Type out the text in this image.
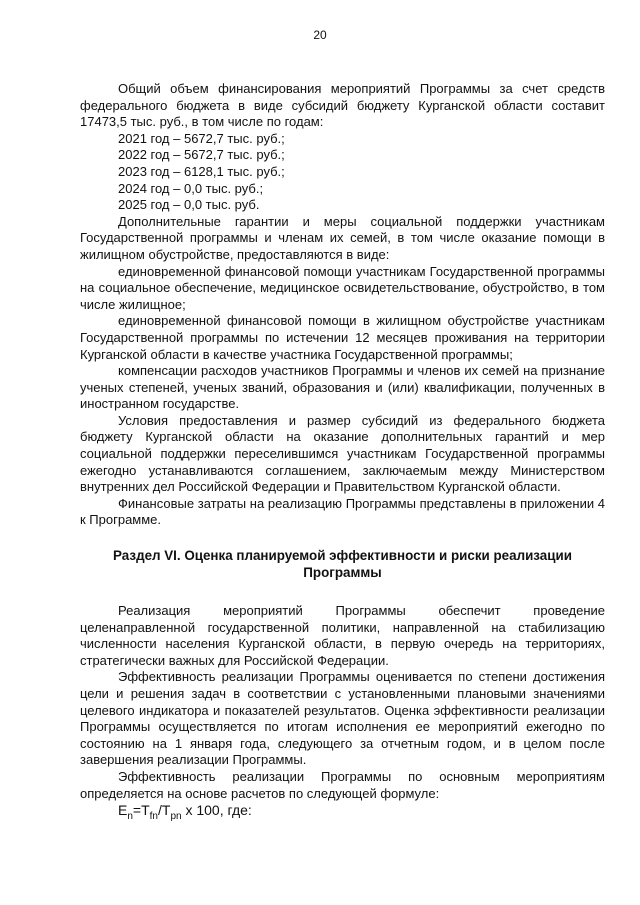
20

Общий объем финансирования мероприятий Программы за счет средств федерального бюджета в виде субсидий бюджету Курганской области составит 17473,5 тыс. руб., в том числе по годам:

2021 год – 5672,7 тыс. руб.;

2022 год – 5672,7 тыс. руб.;

2023 год – 6128,1 тыс. руб.;

2024 год – 0,0 тыс. руб.;

2025 год – 0,0 тыс. руб.

Дополнительные гарантии и меры социальной поддержки участникам Государственной программы и членам их семей, в том числе оказание помощи в жилищном обустройстве, предоставляются в виде:

единовременной финансовой помощи участникам Государственной программы на социальное обеспечение, медицинское освидетельствование, обустройство, в том числе жилищное;

единовременной финансовой помощи в жилищном обустройстве участникам Государственной программы по истечении 12 месяцев проживания на территории Курганской области в качестве участника Государственной программы;

компенсации расходов участников Программы и членов их семей на признание ученых степеней, ученых званий, образования и (или) квалификации, полученных в иностранном государстве.

Условия предоставления и размер субсидий из федерального бюджета бюджету Курганской области на оказание дополнительных гарантий и мер социальной поддержки переселившимся участникам Государственной программы ежегодно устанавливаются соглашением, заключаемым между Министерством внутренних дел Российской Федерации и Правительством Курганской области.

Финансовые затраты на реализацию Программы представлены в приложении 4 к Программе.

Раздел VI. Оценка планируемой эффективности и риски реализации Программы

Реализация мероприятий Программы обеспечит проведение целенаправленной государственной политики, направленной на стабилизацию численности населения Курганской области, в первую очередь на территориях, стратегически важных для Российской Федерации.

Эффективность реализации Программы оценивается по степени достижения цели и решения задач в соответствии с установленными плановыми значениями целевого индикатора и показателей результатов. Оценка эффективности реализации Программы осуществляется по итогам исполнения ее мероприятий ежегодно по состоянию на 1 января года, следующего за отчетным годом, и в целом после завершения реализации Программы.

Эффективность реализации Программы по основным мероприятиям определяется на основе расчетов по следующей формуле:

$E_n=T_{fn}/T_{pn}$ x 100, где:
